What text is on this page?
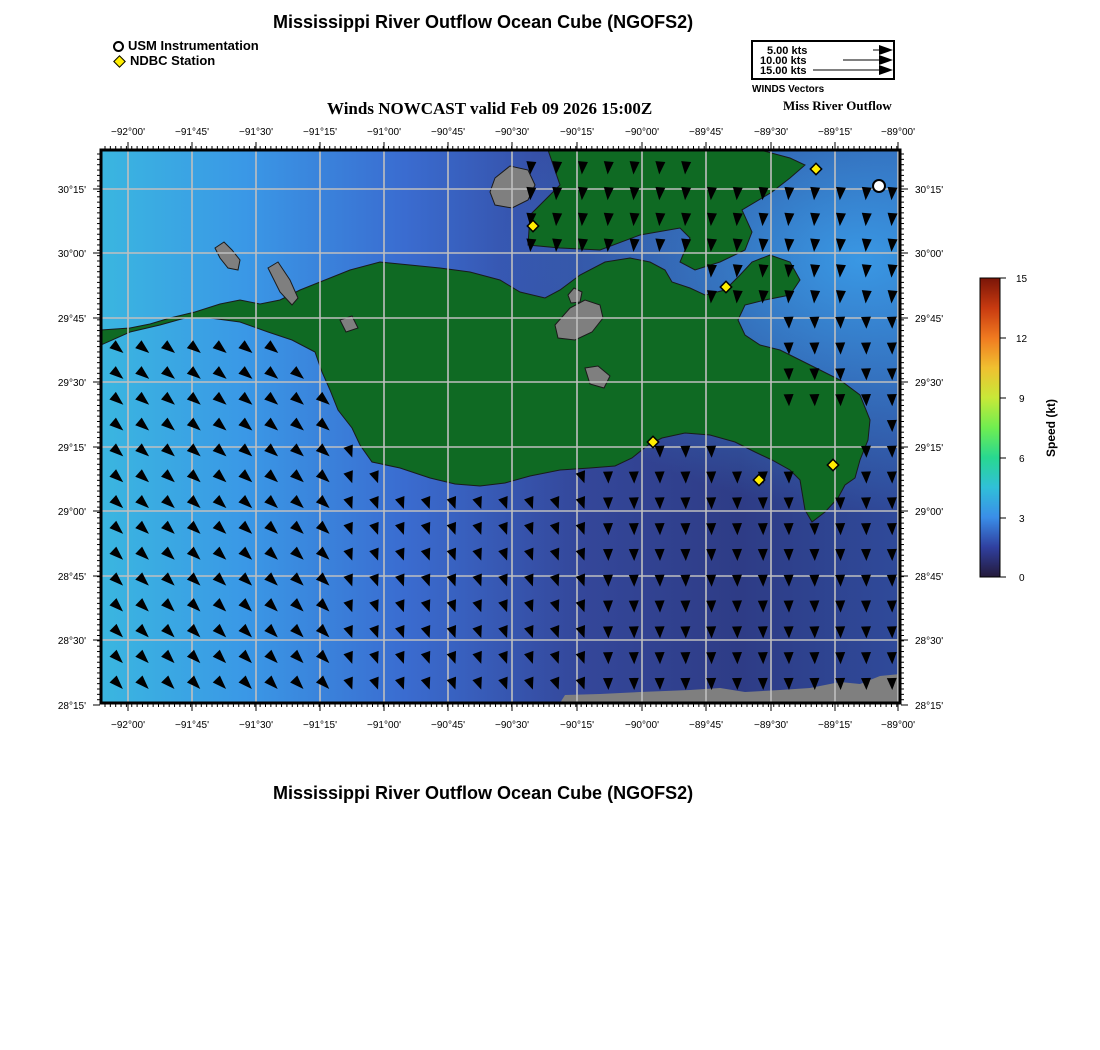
Mississippi River Outflow Ocean Cube (NGOFS2)
USM Instrumentation
NDBC Station
5.00 kts
10.00 kts
15.00 kts
WINDS Vectors
Winds NOWCAST valid Feb 09 2026 15:00Z	Miss River Outflow
−92°00'	−91°45'	−91°30'	−91°15'	−91°00'	−90°45'	−90°30'	−90°15'	−90°00'	−89°45'	−89°30'	−89°15'	−89°00'
−92°00'	−91°45'	−91°30'	−91°15'	−91°00'	−90°45'	−90°30'	−90°15'	−90°00'	−89°45'	−89°30'	−89°15'	−89°00'
30°15'
30°00'
29°45'
29°30'
29°15'
29°00'
28°45'
28°30'
28°15'
30°15'
30°00'
29°45'
29°30'
29°15'
29°00'
28°45'
28°30'
28°15'
15
12
9
6
3
0
Speed (kt)
Mississippi River Outflow Ocean Cube (NGOFS2)
